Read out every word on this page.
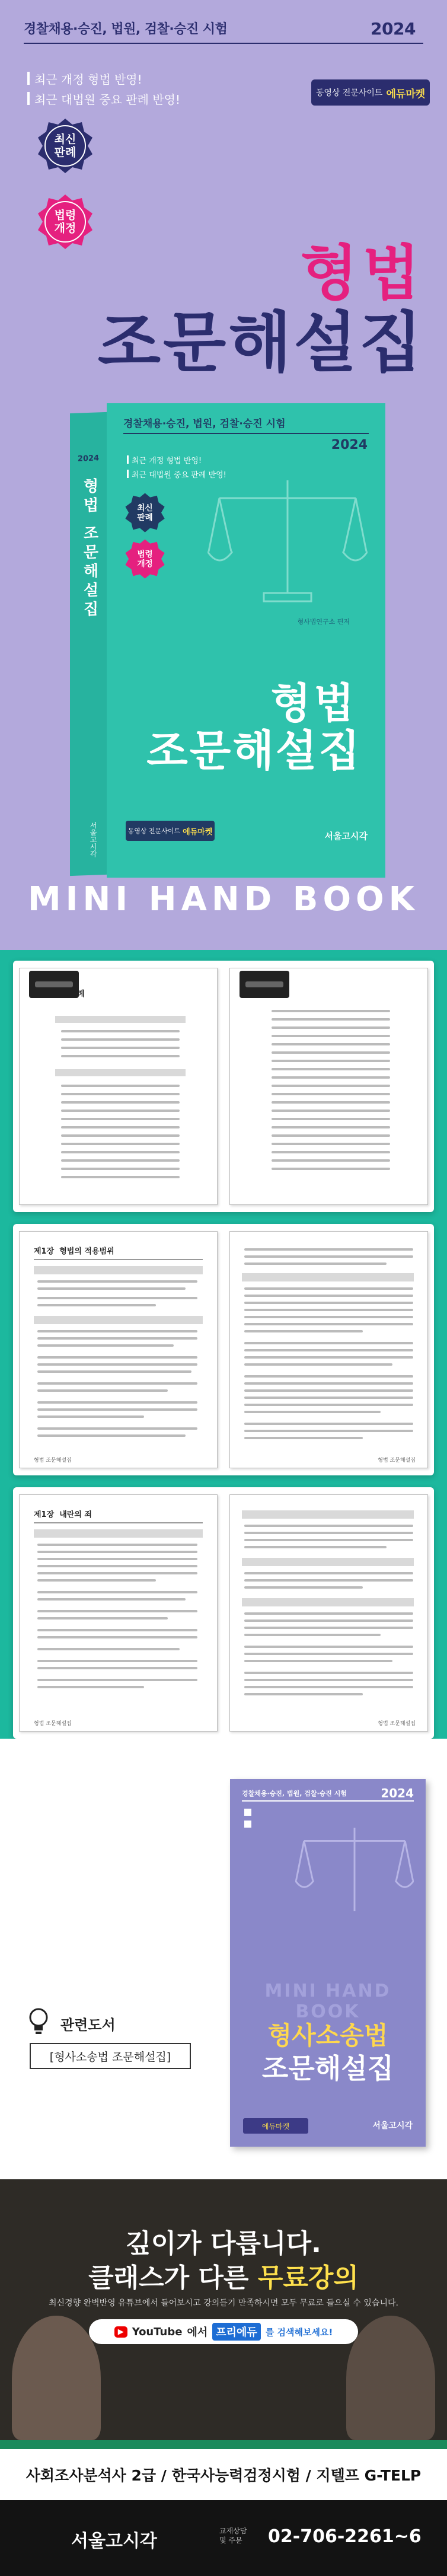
경찰채용·승진, 법원, 검찰·승진 시험	2024
최근 개정 형법 반영!
최근 대법원 중요 판례 반영!	동영상 전문사이트 에듀마켓
최신
판례
법령
개정
형법
조문해설집
2024
형법 조문해설집
서울고시각
경찰채용·승진, 법원, 검찰·승진 시험
2024
최근 개정 형법 반영!
최근 대법원 중요 판례 반영!
최신
판례
법령
개정
형사법연구소 편저
형법
조문해설집
동영상 전문사이트 에듀마켓	서울고시각
MINI HAND BOOK
차 례
제1장 형법의 적용범위
형법 조문해설집	형법 조문해설집
제1장 내란의 죄
형법 조문해설집	형법 조문해설집
관련도서
[형사소송법 조문해설집]
경찰채용·승진, 법원, 검찰·승진 시험	2024
MINI HAND BOOK
형사소송법
조문해설집
에듀마켓	서울고시각
깊이가 다릅니다.
클래스가 다른 무료강의
최신경향 완벽반영 유튜브에서 들어보시고 강의듣기 만족하시면 모두 무료로 들으실 수 있습니다.
▶ YouTube 에서 프리에듀 를 검색해보세요!
사회조사분석사 2급 / 한국사능력검정시험 / 지텔프 G-TELP
서울고시각	교재상담
및 주문 02-706-2261~6
